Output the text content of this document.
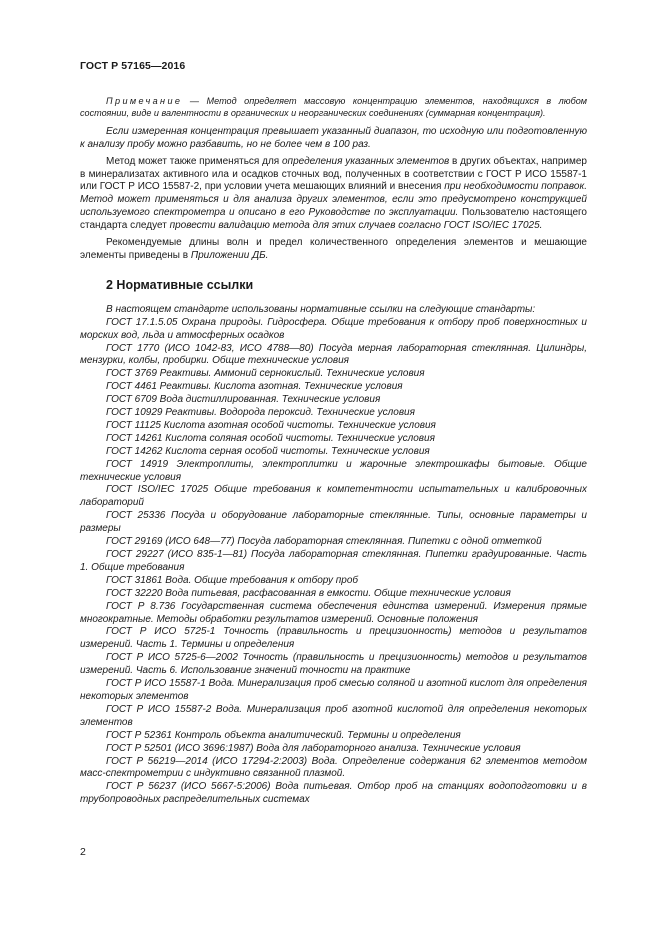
ГОСТ Р 57165—2016

Примечание — Метод определяет массовую концентрацию элементов, находящихся в любом состоянии, виде и валентности в органических и неорганических соединениях (суммарная концентрация).

Если измеренная концентрация превышает указанный диапазон, то исходную или подготовленную к анализу пробу можно разбавить, но не более чем в 100 раз.

Метод может также применяться для определения указанных элементов в других объектах, например в минерализатах активного ила и осадков сточных вод, полученных в соответствии с ГОСТ Р ИСО 15587-1 или ГОСТ Р ИСО 15587-2, при условии учета мешающих влияний и внесения при необходимости поправок. Метод может применяться и для анализа других элементов, если это предусмотрено конструкцией используемого спектрометра и описано в его Руководстве по эксплуатации. Пользователю настоящего стандарта следует провести валидацию метода для этих случаев согласно ГОСТ ISO/IEC 17025.

Рекомендуемые длины волн и предел количественного определения элементов и мешающие элементы приведены в Приложении ДБ.

2 Нормативные ссылки

В настоящем стандарте использованы нормативные ссылки на следующие стандарты:

ГОСТ 17.1.5.05 Охрана природы. Гидросфера. Общие требования к отбору проб поверхностных и морских вод, льда и атмосферных осадков

ГОСТ 1770 (ИСО 1042-83, ИСО 4788—80) Посуда мерная лабораторная стеклянная. Цилиндры, мензурки, колбы, пробирки. Общие технические условия

ГОСТ 3769 Реактивы. Аммоний сернокислый. Технические условия

ГОСТ 4461 Реактивы. Кислота азотная. Технические условия

ГОСТ 6709 Вода дистиллированная. Технические условия

ГОСТ 10929 Реактивы. Водорода пероксид. Технические условия

ГОСТ 11125 Кислота азотная особой чистоты. Технические условия

ГОСТ 14261 Кислота соляная особой чистоты. Технические условия

ГОСТ 14262 Кислота серная особой чистоты. Технические условия

ГОСТ 14919 Электроплиты, электроплитки и жарочные электрошкафы бытовые. Общие технические условия

ГОСТ ISO/IEC 17025 Общие требования к компетентности испытательных и калибровочных лабораторий

ГОСТ 25336 Посуда и оборудование лабораторные стеклянные. Типы, основные параметры и размеры

ГОСТ 29169 (ИСО 648—77) Посуда лабораторная стеклянная. Пипетки с одной отметкой

ГОСТ 29227 (ИСО 835-1—81) Посуда лабораторная стеклянная. Пипетки градуированные. Часть 1. Общие требования

ГОСТ 31861 Вода. Общие требования к отбору проб

ГОСТ 32220 Вода питьевая, расфасованная в емкости. Общие технические условия

ГОСТ Р 8.736 Государственная система обеспечения единства измерений. Измерения прямые многократные. Методы обработки результатов измерений. Основные положения

ГОСТ Р ИСО 5725-1 Точность (правильность и прецизионность) методов и результатов измерений. Часть 1. Термины и определения

ГОСТ Р ИСО 5725-6—2002 Точность (правильность и прецизионность) методов и результатов измерений. Часть 6. Использование значений точности на практике

ГОСТ Р ИСО 15587-1 Вода. Минерализация проб смесью соляной и азотной кислот для определения некоторых элементов

ГОСТ Р ИСО 15587-2 Вода. Минерализация проб азотной кислотой для определения некоторых элементов

ГОСТ Р 52361 Контроль объекта аналитический. Термины и определения

ГОСТ Р 52501 (ИСО 3696:1987) Вода для лабораторного анализа. Технические условия

ГОСТ Р 56219—2014 (ИСО 17294-2:2003) Вода. Определение содержания 62 элементов методом масс-спектрометрии с индуктивно связанной плазмой.

ГОСТ Р 56237 (ИСО 5667-5:2006) Вода питьевая. Отбор проб на станциях водоподготовки и в трубопроводных распределительных системах

2
